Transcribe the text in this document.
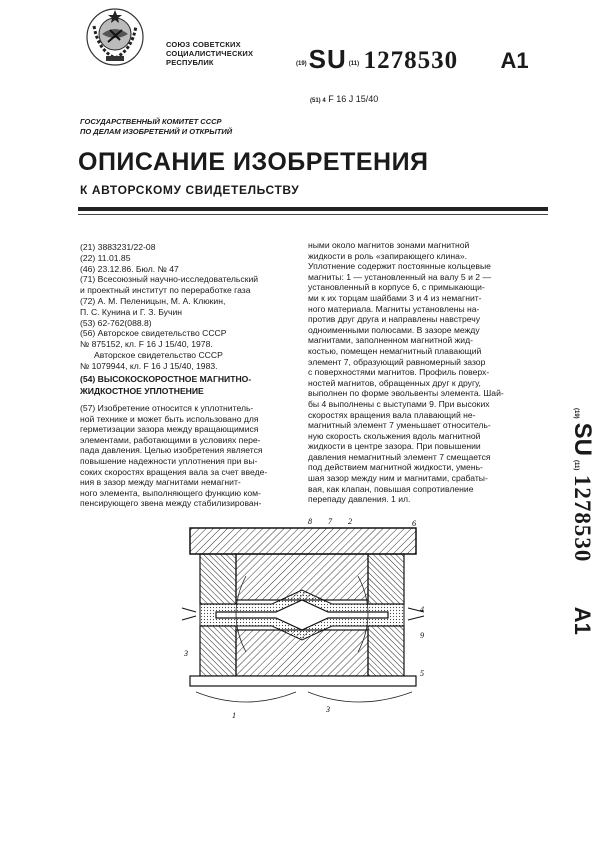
СОЮЗ СОВЕТСКИХ
СОЦИАЛИСТИЧЕСКИХ
РЕСПУБЛИК	(19)SU (11) 1278530 A1
(51) 4 F 16 J 15/40
ГОСУДАРСТВЕННЫЙ КОМИТЕТ СССР
ПО ДЕЛАМ ИЗОБРЕТЕНИЙ И ОТКРЫТИЙ
ОПИСАНИЕ ИЗОБРЕТЕНИЯ
К АВТОРСКОМУ СВИДЕТЕЛЬСТВУ
(21) 3883231/22-08
(22) 11.01.85
(46) 23.12.86. Бюл. № 47
(71) Всесоюзный научно-исследовательский
и проектный институт по переработке газа
(72) А. М. Пеленицын, М. А. Клюкин,
П. С. Кунина и Г. З. Бучин
(53) 62-762(088.8)
(56) Авторское свидетельство СССР
№ 875152, кл. F 16 J 15/40, 1978.
Авторское свидетельство СССР
№ 1079944, кл. F 16 J 15/40, 1983.
(54) ВЫСОКОСКОРОСТНОЕ МАГНИТНО-
ЖИДКОСТНОЕ УПЛОТНЕНИЕ
(57) Изобретение относится к уплотнитель-
ной технике и может быть использовано для
герметизации зазора между вращающимися
элементами, работающими в условиях пере-
пада давления. Целью изобретения является
повышение надежности уплотнения при вы-
соких скоростях вращения вала за счет введе-
ния в зазор между магнитами немагнит-
ного элемента, выполняющего функцию ком-
пенсирующего звена между стабилизирован-
ными около магнитов зонами магнитной
жидкости в роль «запирающего клина».
Уплотнение содержит постоянные кольцевые
магниты: 1 — установленный на валу 5 и 2 —
установленный в корпусе 6, с примыкающи-
ми к их торцам шайбами 3 и 4 из немагнит-
ного материала. Магниты установлены на-
против друг друга и направлены навстречу
одноименными полюсами. В зазоре между
магнитами, заполненном магнитной жид-
костью, помещен немагнитный плавающий
элемент 7, образующий равномерный зазор
с поверхностями магнитов. Профиль поверх-
ностей магнитов, обращенных друг к другу,
выполнен по форме эвольвенты элемента. Шай-
бы 4 выполнены с выступами 9. При высоких
скоростях вращения вала плавающий не-
магнитный элемент 7 уменьшает относитель-
ную скорость скольжения вдоль магнитной
жидкости в центре зазора. При повышении
давления немагнитный элемент 7 смещается
под действием магнитной жидкости, умень-
шая зазор между ним и магнитами, срабаты-
вая, как клапан, повышая сопротивление
перепаду давления. 1 ил.
(19)SU(11) 1278530 A1
8 7 2	6
4
9
3
5
1
3
